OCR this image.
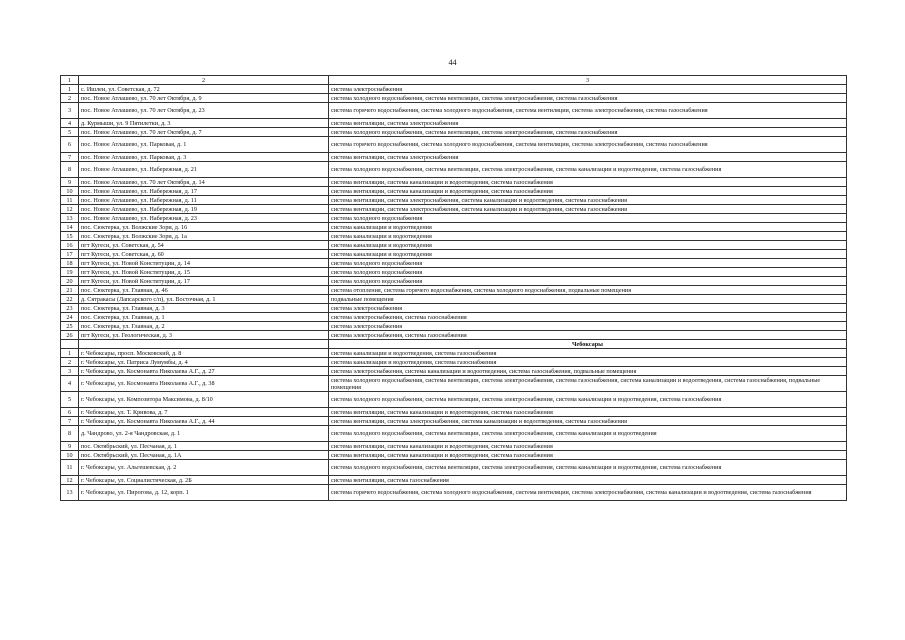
44
1	2	3
1	с. Ишлеи, ул. Советская, д. 72	система электроснабжения
2	пос. Новое Атлашево, ул. 70 лет Октября, д. 9	система холодного водоснабжения, система вентиляции, система электроснабжения, система газоснабжения
3	пос. Новое Атлашево, ул. 70 лет Октября, д. 23	система горячего водоснабжения, система холодного водоснабжения, система вентиляции, система электроснабжения, система газоснабжения
4	д. Курмыши, ул. 9 Пятилетки, д. 3	система вентиляции, система электроснабжения
5	пос. Новое Атлашево, ул. 70 лет Октября, д. 7	система холодного водоснабжения, система вентиляции, система электроснабжения, система газоснабжения
6	пос. Новое Атлашево, ул. Парковая, д. 1	система горячего водоснабжения, система холодного водоснабжения, система вентиляции, система электроснабжения, система газоснабжения
7	пос. Новое Атлашево, ул. Парковая, д. 3	система вентиляции, система электроснабжения
8	пос. Новое Атлашево, ул. Набережная, д. 21	система холодного водоснабжения, система вентиляции, система электроснабжения, система канализации и водоотведения, система газоснабжения
9	пос. Новое Атлашево, ул. 70 лет Октября, д. 14	система вентиляции, система канализации и водоотведения, система газоснабжения
10	пос. Новое Атлашево, ул. Набережная, д. 17	система вентиляции, система канализации и водоотведения, система газоснабжения
11	пос. Новое Атлашево, ул. Набережная, д. 11	система вентиляции, система электроснабжения, система канализации и водоотведения, система газоснабжения
12	пос. Новое Атлашево, ул. Набережная, д. 19	система вентиляции, система электроснабжения, система канализации и водоотведения, система газоснабжения
13	пос. Новое Атлашево, ул. Набережная, д. 23	система холодного водоснабжения
14	пос. Сюктерка, ул. Волжские Зори, д. 16	система канализации и водоотведения
15	пос. Сюктерка, ул. Волжские Зори, д. 1а	система канализации и водоотведения
16	пгт Кугеси, ул. Советская, д. 54	система канализации и водоотведения
17	пгт Кугеси, ул. Советская, д. 60	система канализации и водоотведения
18	пгт Кугеси, ул. Новой Конституции, д. 14	система холодного водоснабжения
19	пгт Кугеси, ул. Новой Конституции, д. 15	система холодного водоснабжения
20	пгт Кугеси, ул. Новой Конституции, д. 17	система холодного водоснабжения
21	пос. Сюктерка, ул. Главная, д. 46	система отопления, система горячего водоснабжения, система холодного водоснабжения, подвальные помещения
22	д. Сятракасы (Лапсарского с/п), ул. Восточная, д. 1	подвальные помещения
23	пос. Сюктерка, ул. Главная, д. 3	система электроснабжения
24	пос. Сюктерка, ул. Главная, д. 1	система электроснабжения, система газоснабжения
25	пос. Сюктерка, ул. Главная, д. 2	система электроснабжения
26	пгт Кугеси, ул. Геологическая, д. 3	система электроснабжения, система газоснабжения
		Чебоксары
1	г. Чебоксары, просп. Московский, д. 8	система канализации и водоотведения, система газоснабжения
2	г. Чебоксары, ул. Патриса Лумумбы, д. 4	система канализации и водоотведения, система газоснабжения
3	г. Чебоксары, ул. Космонавта Николаева А.Г., д. 27	система электроснабжения, система канализации и водоотведения, система газоснабжения, подвальные помещения
4	г. Чебоксары, ул. Космонавта Николаева А.Г., д. 38	система холодного водоснабжения, система вентиляции, система электроснабжения, система газоснабжения, система канализации и водоотведения, система газоснабжения, подвальные помещения
5	г. Чебоксары, ул. Композитора Максимова, д. 8/10	система холодного водоснабжения, система вентиляции, система электроснабжения, система канализации и водоотведения, система газоснабжения
6	г. Чебоксары, ул. Т. Кривова, д. 7	система вентиляции, система канализации и водоотведения, система газоснабжения
7	г. Чебоксары, ул. Космонавта Николаева А.Г., д. 44	система вентиляции, система электроснабжения, система канализации и водоотведения, система газоснабжения
8	д. Чандрово, ул. 2-я Чандровская, д. 1	система холодного водоснабжения, система вентиляции, система электроснабжения, система канализации и водоотведения
9	пос. Октябрьский, ул. Песчаная, д. 1	система вентиляции, система канализации и водоотведения, система газоснабжения
10	пос. Октябрьский, ул. Песчаная, д. 1А	система вентиляции, система канализации и водоотведения, система газоснабжения
11	г. Чебоксары, ул. Альгешевская, д. 2	система холодного водоснабжения, система вентиляции, система электроснабжения, система канализации и водоотведения, система газоснабжения
12	г. Чебоксары, ул. Социалистическая, д. 2Б	система вентиляции, система газоснабжения
13	г. Чебоксары, ул. Пирогова, д. 12, корп. 1	система горячего водоснабжения, система холодного водоснабжения, система вентиляции, система электроснабжения, система канализации и водоотведения, система газоснабжения
